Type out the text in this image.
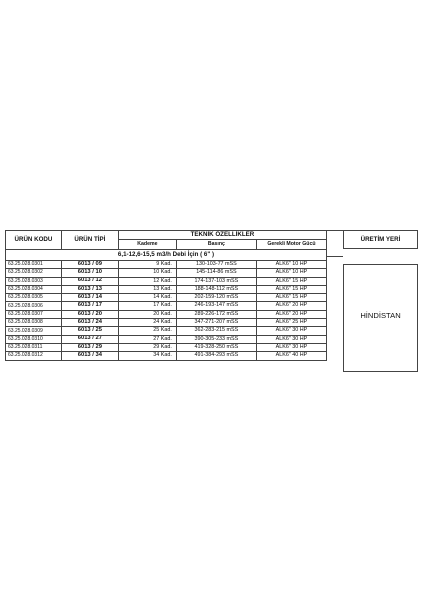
ÜRÜN KODU	ÜRÜN TİPİ	TEKNİK ÖZELLİKLER		
		Kademe	Basınç	Gerekli Motor Gücü
6,1-12,6-15,5 m3/h Debi İçin ( 6" )				
63.25.028.0301	6013 / 09	9 Kad.	130-103-77 mSS	ALK6" 10 HP
63.25.028.0302	6013 / 10	10 Kad.	145-114-86 mSS	ALK6" 10 HP
63.25.028.0303	6013 / 12	12 Kad.	174-137-103 mSS	ALK6" 15 HP
63.25.028.0304	6013 / 13	13 Kad.	188-148-112 mSS	ALK6" 15 HP
63.25.028.0305	6013 / 14	14 Kad.	202-159-120 mSS	ALK6" 15 HP
63.25.028.0306	6013 / 17	17 Kad.	246-193-147 mSS	ALK6" 20 HP
63.25.028.0307	6013 / 20	20 Kad.	289-226-172 mSS	ALK6" 20 HP
63.25.028.0308	6013 / 24	24 Kad.	347-271-207 mSS	ALK6" 25 HP
63.25.028.0309	6013 / 25	25 Kad.	362-283-215 mSS	ALK6" 30 HP
63.25.028.0310	6013 / 27	27 Kad.	390-305-233 mSS	ALK6" 30 HP
63.25.028.0311	6013 / 29	29 Kad.	419-328-250 mSS	ALK6" 30 HP
63.25.028.0312	6013 / 34	34 Kad.	491-384-293 mSS	ALK6" 40 HP
ÜRETİM YERİ
HİNDİSTAN
